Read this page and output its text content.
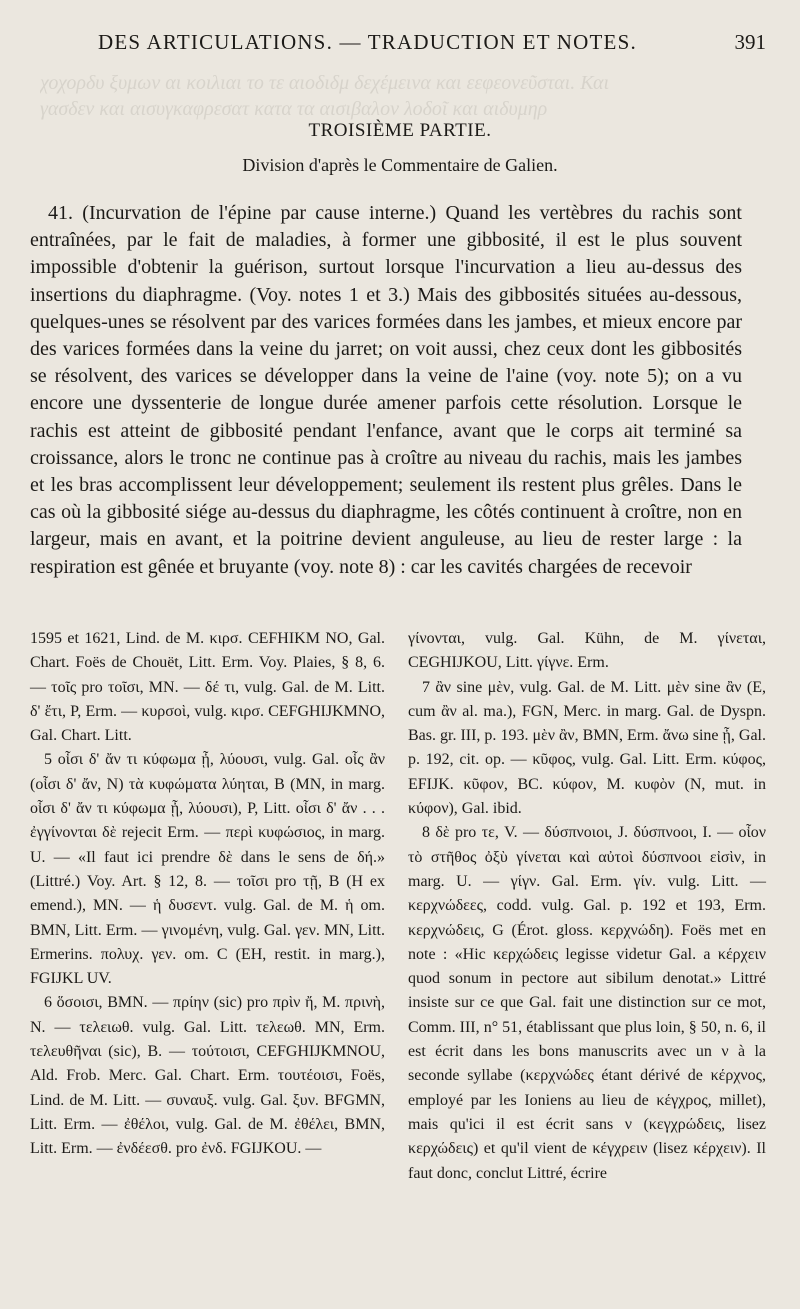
χοχορδυ ξυμων αι κοιλιαι το τε αιοδιδμ δεχέμεινα και εεφεονεῦσται. Και
γασδεν και αισυγκαφρεσατ κατα τα αισιβαλον λοδοῖ και αιδυμηρ
DES ARTICULATIONS. — TRADUCTION ET NOTES.	391
TROISIÈME PARTIE.
Division d'après le Commentaire de Galien.

41. (Incurvation de l'épine par cause interne.) Quand les vertèbres du rachis sont entraînées, par le fait de maladies, à former une gibbosité, il est le plus souvent impossible d'obtenir la guérison, surtout lorsque l'incurvation a lieu au-dessus des insertions du diaphragme. (Voy. notes 1 et 3.) Mais des gibbosités situées au-dessous, quelques-unes se résolvent par des varices formées dans les jambes, et mieux encore par des varices formées dans la veine du jarret; on voit aussi, chez ceux dont les gibbosités se résolvent, des varices se développer dans la veine de l'aine (voy. note 5); on a vu encore une dyssenterie de longue durée amener parfois cette résolution. Lorsque le rachis est atteint de gibbosité pendant l'enfance, avant que le corps ait terminé sa croissance, alors le tronc ne continue pas à croître au niveau du rachis, mais les jambes et les bras accomplissent leur développement; seulement ils restent plus grêles. Dans le cas où la gibbosité siége au-dessus du diaphragme, les côtés continuent à croître, non en largeur, mais en avant, et la poitrine devient anguleuse, au lieu de rester large : la respiration est gênée et bruyante (voy. note 8) : car les cavités chargées de recevoir

1595 et 1621, Lind. de M. κιρσ. CEFHIKM NO, Gal. Chart. Foës de Chouët, Litt. Erm. Voy. Plaies, § 8, 6. — τοῖς pro τοῖσι, MN. — δέ τι, vulg. Gal. de M. Litt. δ' ἔτι, P, Erm. — κυρσοὶ, vulg. κιρσ. CEFGHIJKMNO, Gal. Chart. Litt.

5 οἷσι δ' ἄν τι κύφωμα ᾖ, λύουσι, vulg. Gal. οἷς ἂν (οἷσι δ' ἄν, N) τὰ κυφώματα λύηται, B (MN, in marg. οἷσι δ' ἄν τι κύφωμα ᾖ, λύουσι), P, Litt. οἷσι δ' ἄν . . . ἐγγίνονται δὲ rejecit Erm. — περὶ κυφώσιος, in marg. U. — «Il faut ici prendre δὲ dans le sens de δή.» (Littré.) Voy. Art. § 12, 8. — τοῖσι pro τῇ, B (H ex emend.), MN. — ἡ δυσεντ. vulg. Gal. de M. ἡ om. BMN, Litt. Erm. — γινομένη, vulg. Gal. γεν. MN, Litt. Ermerins. πολυχ. γεν. om. C (EH, restit. in marg.), FGIJKL UV.

6 ὅσοισι, BMN. — πρίην (sic) pro πρὶν ἤ, M. πρινὴ, N. — τελειωθ. vulg. Gal. Litt. τελεωθ. MN, Erm. τελευθῆναι (sic), B. — τούτοισι, CEFGHIJKMNOU, Ald. Frob. Merc. Gal. Chart. Erm. τουτέοισι, Foës, Lind. de M. Litt. — συναυξ. vulg. Gal. ξυν. BFGMN, Litt. Erm. — ἐθέλοι, vulg. Gal. de M. ἐθέλει, BMN, Litt. Erm. — ἐνδέεσθ. pro ἐνδ. FGIJKOU. —

γίνονται, vulg. Gal. Kühn, de M. γίνεται, CEGHIJKOU, Litt. γίγνε. Erm.

7 ἂν sine μὲν, vulg. Gal. de M. Litt. μὲν sine ἂν (E, cum ἂν al. ma.), FGN, Merc. in marg. Gal. de Dyspn. Bas. gr. III, p. 193. μὲν ἂν, BMN, Erm. ἄνω sine ᾖ, Gal. p. 192, cit. op. — κῦφος, vulg. Gal. Litt. Erm. κύφος, EFIJK. κῦφον, BC. κύφον, M. κυφὸν (N, mut. in κύφον), Gal. ibid.

8 δὲ pro τε, V. — δύσπνοιοι, J. δύσπνοοι, I. — οἷον τὸ στῆθος ὀξὺ γίνεται καὶ αὐτοὶ δύσπνοοι εἰσὶν, in marg. U. — γίγν. Gal. Erm. γίν. vulg. Litt. — κερχνώδεες, codd. vulg. Gal. p. 192 et 193, Erm. κερχνώδεις, G (Érot. gloss. κερχνώδη). Foës met en note : «Hic κερχώδεις legisse videtur Gal. a κέρχειν quod sonum in pectore aut sibilum denotat.» Littré insiste sur ce que Gal. fait une distinction sur ce mot, Comm. III, n° 51, établissant que plus loin, § 50, n. 6, il est écrit dans les bons manuscrits avec un ν à la seconde syllabe (κερχνώδες étant dérivé de κέρχνος, employé par les Ioniens au lieu de κέγχρος, millet), mais qu'ici il est écrit sans ν (κεγχρώδεις, lisez κερχώδεις) et qu'il vient de κέγχρειν (lisez κέρχειν). Il faut donc, conclut Littré, écrire
